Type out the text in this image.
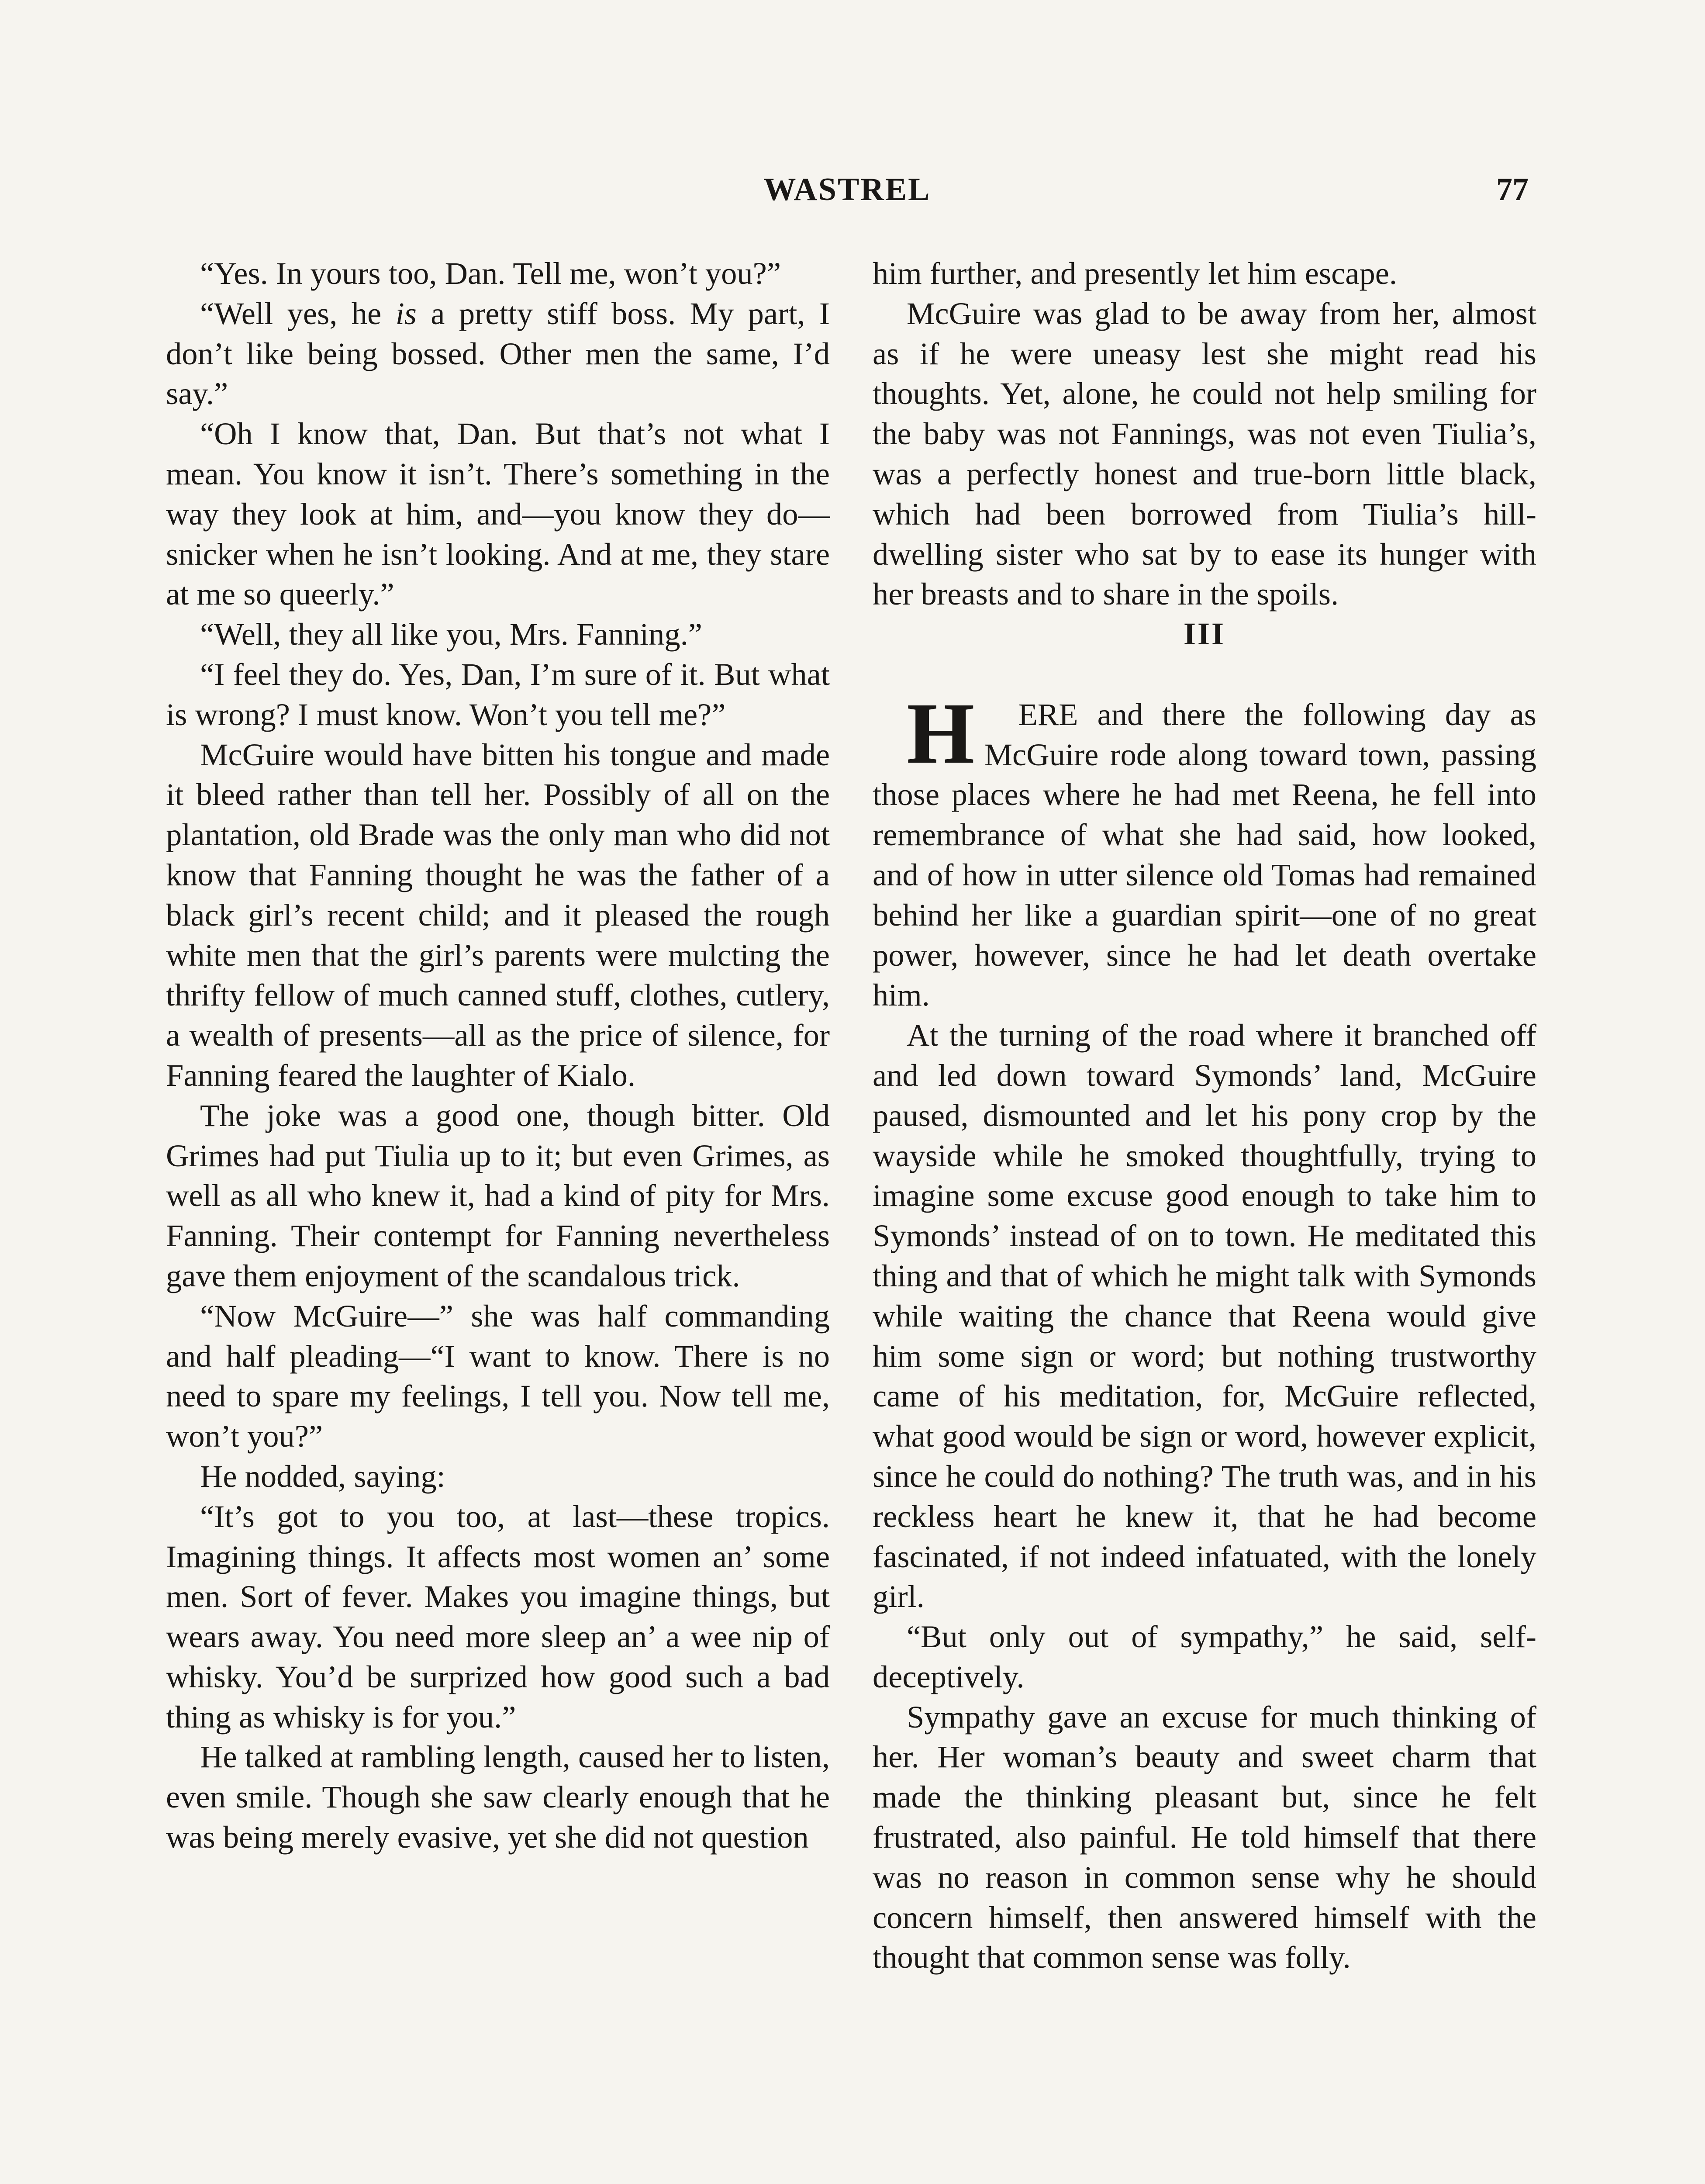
WASTREL	77

“Yes. In yours too, Dan. Tell me, won’t you?”

“Well yes, he is a pretty stiff boss. My part, I don’t like being bossed. Other men the same, I’d say.”

“Oh I know that, Dan. But that’s not what I mean. You know it isn’t. There’s something in the way they look at him, and—you know they do—snicker when he isn’t looking. And at me, they stare at me so queerly.”

“Well, they all like you, Mrs. Fanning.”

“I feel they do. Yes, Dan, I’m sure of it. But what is wrong? I must know. Won’t you tell me?”

McGuire would have bitten his tongue and made it bleed rather than tell her. Possibly of all on the plantation, old Brade was the only man who did not know that Fanning thought he was the father of a black girl’s recent child; and it pleased the rough white men that the girl’s parents were mulcting the thrifty fellow of much canned stuff, clothes, cutlery, a wealth of presents—all as the price of silence, for Fanning feared the laughter of Kialo.

The joke was a good one, though bitter. Old Grimes had put Tiulia up to it; but even Grimes, as well as all who knew it, had a kind of pity for Mrs. Fanning. Their contempt for Fanning nevertheless gave them enjoyment of the scandalous trick.

“Now McGuire—” she was half commanding and half pleading—“I want to know. There is no need to spare my feelings, I tell you. Now tell me, won’t you?”

He nodded, saying:

“It’s got to you too, at last—these tropics. Imagining things. It affects most women an’ some men. Sort of fever. Makes you imagine things, but wears away. You need more sleep an’ a wee nip of whisky. You’d be surprized how good such a bad thing as whisky is for you.”

He talked at rambling length, caused her to listen, even smile. Though she saw clearly enough that he was being merely evasive, yet she did not question

him further, and presently let him escape.

McGuire was glad to be away from her, almost as if he were uneasy lest she might read his thoughts. Yet, alone, he could not help smiling for the baby was not Fannings, was not even Tiulia’s, was a perfectly honest and true-born little black, which had been borrowed from Tiulia’s hill-dwelling sister who sat by to ease its hunger with her breasts and to share in the spoils.

III

H ERE and there the following day as McGuire rode along toward town, passing those places where he had met Reena, he fell into remembrance of what she had said, how looked, and of how in utter silence old Tomas had remained behind her like a guardian spirit—one of no great power, however, since he had let death overtake him.

At the turning of the road where it branched off and led down toward Symonds’ land, McGuire paused, dismounted and let his pony crop by the wayside while he smoked thoughtfully, trying to imagine some excuse good enough to take him to Symonds’ instead of on to town. He meditated this thing and that of which he might talk with Symonds while waiting the chance that Reena would give him some sign or word; but nothing trustworthy came of his meditation, for, McGuire reflected, what good would be sign or word, however explicit, since he could do nothing? The truth was, and in his reckless heart he knew it, that he had become fascinated, if not indeed infatuated, with the lonely girl.

“But only out of sympathy,” he said, self-deceptively.

Sympathy gave an excuse for much thinking of her. Her woman’s beauty and sweet charm that made the thinking pleasant but, since he felt frustrated, also painful. He told himself that there was no reason in common sense why he should concern himself, then answered himself with the thought that common sense was folly.
